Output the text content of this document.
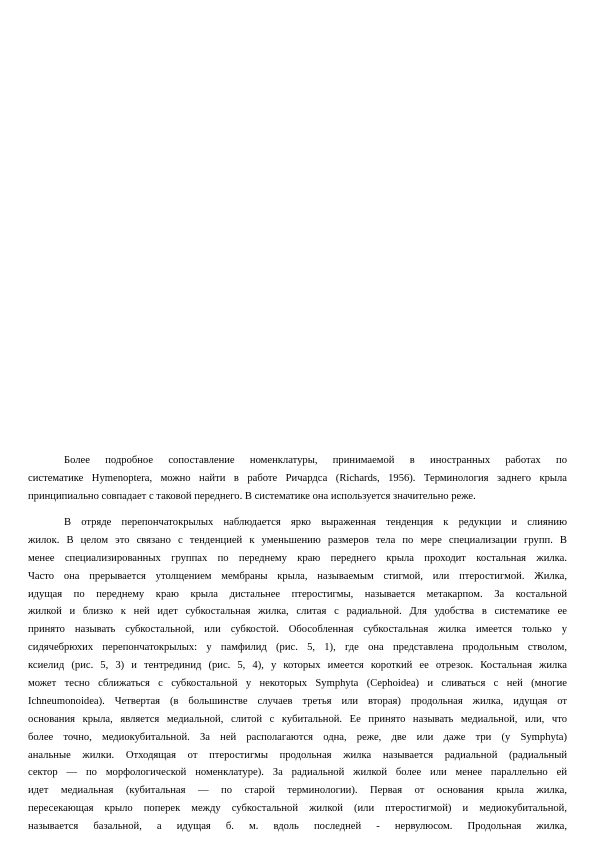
Более подробное сопоставление номенклатуры, принимаемой в иностранных работах по
систематике Hymenoptera, можно найти в работе Ричардса (Richards, 1956). Терминология заднего крыла
принципиально совпадает с таковой переднего. В систематике она используется значительно реже.

В отряде перепончатокрылых наблюдается ярко выраженная тенденция к редукции и слиянию
жилок. В целом это связано с тенденцией к уменьшению размеров тела по мере специализации групп. В
менее специализированных группах по переднему краю переднего крыла проходит костальная жилка.
Часто она прерывается утолщением мембраны крыла, называемым стигмой, или птеростигмой. Жилка,
идущая по переднему краю крыла дистальнее птеростигмы, называется метакарпом. За костальной
жилкой и близко к ней идет субкостальная жилка, слитая с радиальной. Для удобства в систематике ее
принято называть субкостальной, или субкостой. Обособленная субкостальная жилка имеется только у
сидячебрюхих перепончатокрылых: у памфилид (рис. 5, 1), где она представлена продольным стволом,
ксиелид (рис. 5, 3) и тентрединид (рис. 5, 4), у которых имеется короткий ее отрезок. Костальная жилка
может тесно сближаться с субкостальной у некоторых Symphyta (Cephoidea) и сливаться с ней (многие
Ichneumonoidea). Четвертая (в большинстве случаев третья или вторая) продольная жилка, идущая от
основания крыла, является медиальной, слитой с кубитальной. Ее принято называть медиальной, или, что
более точно, медиокубитальной. За ней располагаются одна, реже, две или даже три (у Symphyta)
анальные жилки. Отходящая от птеростигмы продольная жилка называется радиальной (радиальный
сектор — по морфологической номенклатуре). За радиальной жилкой более или менее параллельно ей
идет медиальная (кубитальная — по старой терминологии). Первая от основания крыла жилка,
пересекающая крыло поперек между субкостальной жилкой (или птеростигмой) и медиокубитальной,
называется базальной, а идущая б. м. вдоль последней - нервулюсом. Продольная жилка,
